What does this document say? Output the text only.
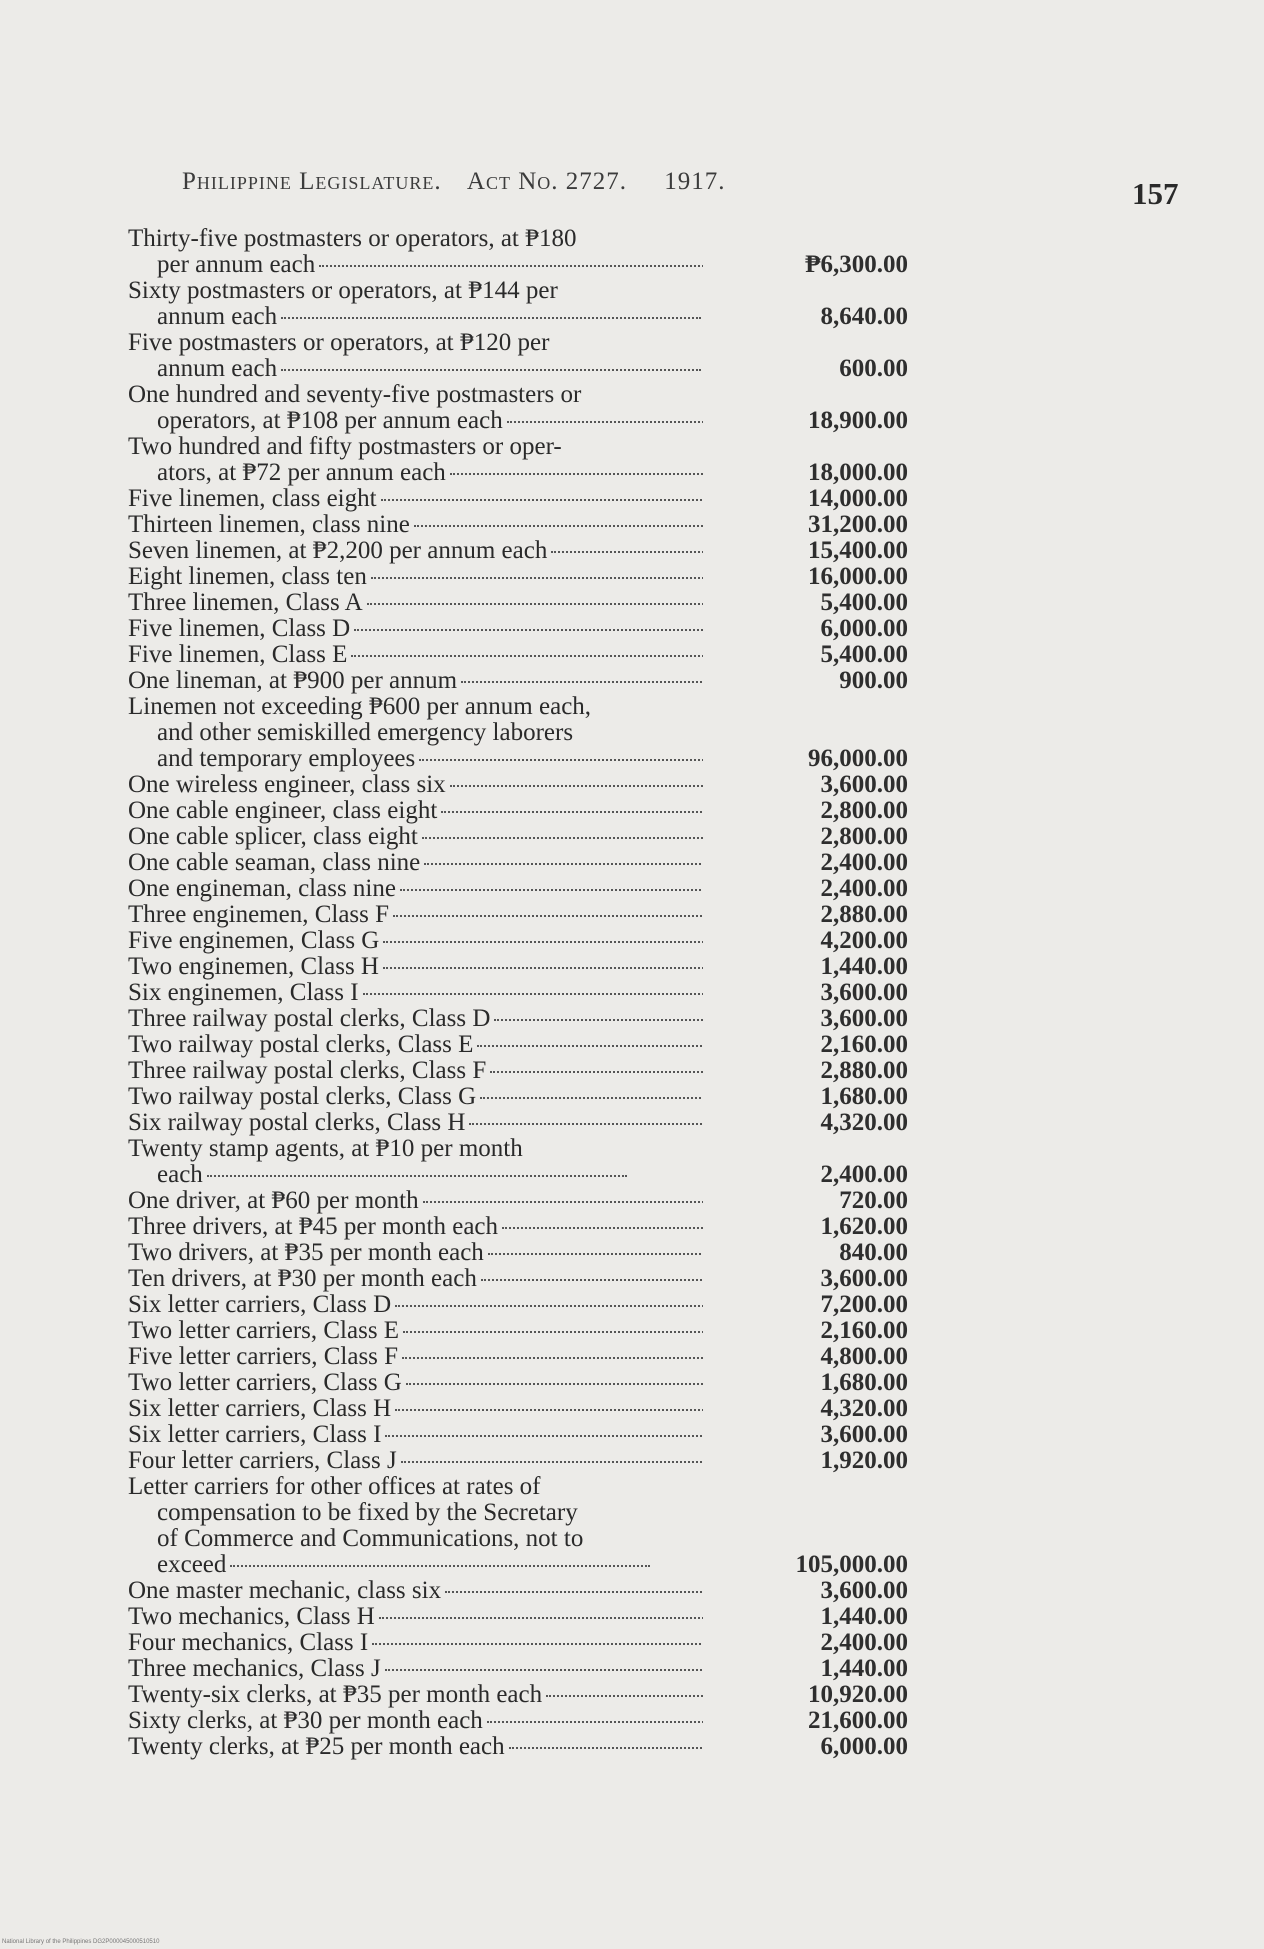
Philippine Legislature. Act No. 2727. 1917.	157
Thirty-five postmasters or operators, at ₱180
per annum each	₱6,300.00
Sixty postmasters or operators, at ₱144 per
annum each	8,640.00
Five postmasters or operators, at ₱120 per
annum each	600.00
One hundred and seventy-five postmasters or
operators, at ₱108 per annum each	18,900.00
Two hundred and fifty postmasters or oper-
ators, at ₱72 per annum each	18,000.00
Five linemen, class eight	14,000.00
Thirteen linemen, class nine	31,200.00
Seven linemen, at ₱2,200 per annum each	15,400.00
Eight linemen, class ten	16,000.00
Three linemen, Class A	5,400.00
Five linemen, Class D	6,000.00
Five linemen, Class E	5,400.00
One lineman, at ₱900 per annum	900.00
Linemen not exceeding ₱600 per annum each,
and other semiskilled emergency laborers
and temporary employees	96,000.00
One wireless engineer, class six	3,600.00
One cable engineer, class eight	2,800.00
One cable splicer, class eight	2,800.00
One cable seaman, class nine	2,400.00
One engineman, class nine	2,400.00
Three enginemen, Class F	2,880.00
Five enginemen, Class G	4,200.00
Two enginemen, Class H	1,440.00
Six enginemen, Class I	3,600.00
Three railway postal clerks, Class D	3,600.00
Two railway postal clerks, Class E	2,160.00
Three railway postal clerks, Class F	2,880.00
Two railway postal clerks, Class G	1,680.00
Six railway postal clerks, Class H	4,320.00
Twenty stamp agents, at ₱10 per month
each	2,400.00
One driver, at ₱60 per month	720.00
Three drivers, at ₱45 per month each	1,620.00
Two drivers, at ₱35 per month each	840.00
Ten drivers, at ₱30 per month each	3,600.00
Six letter carriers, Class D	7,200.00
Two letter carriers, Class E	2,160.00
Five letter carriers, Class F	4,800.00
Two letter carriers, Class G	1,680.00
Six letter carriers, Class H	4,320.00
Six letter carriers, Class I	3,600.00
Four letter carriers, Class J	1,920.00
Letter carriers for other offices at rates of
compensation to be fixed by the Secretary
of Commerce and Communications, not to
exceed	105,000.00
One master mechanic, class six	3,600.00
Two mechanics, Class H	1,440.00
Four mechanics, Class I	2,400.00
Three mechanics, Class J	1,440.00
Twenty-six clerks, at ₱35 per month each	10,920.00
Sixty clerks, at ₱30 per month each	21,600.00
Twenty clerks, at ₱25 per month each	6,000.00
National Library of the Philippines DG2P000045000510510
